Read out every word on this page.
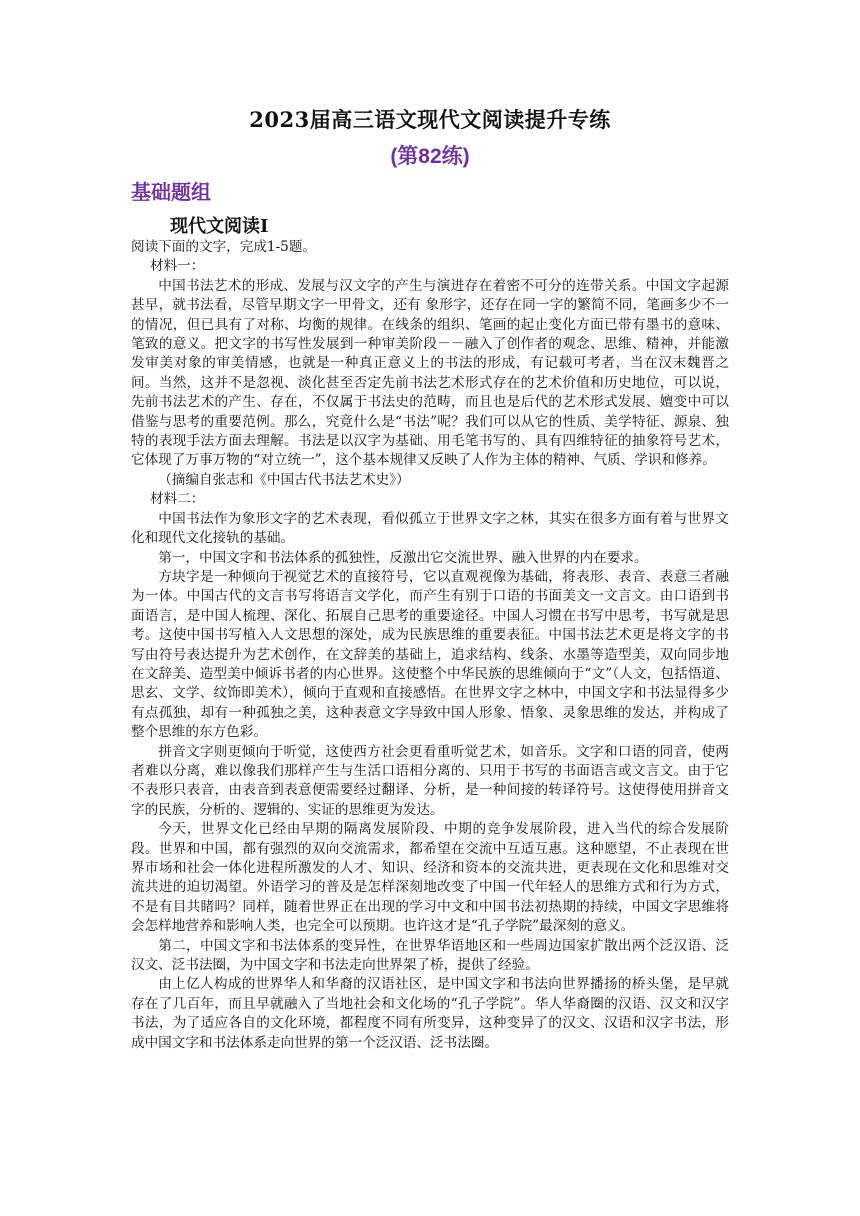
2023届高三语文现代文阅读提升专练
(第82练)
基础题组
现代文阅读Ⅰ

阅读下面的文字，完成1-5题。

材料一：

中国书法艺术的形成、发展与汉文字的产生与演进存在着密不可分的连带关系。中国文字起源甚早，就书法看，尽管早期文字一甲骨文，还有 象形字，还存在同一字的繁简不同，笔画多少不一的情况，但已具有了对称、均衡的规律。在线条的组织、笔画的起止变化方面已带有墨书的意味、笔致的意义。把文字的书写性发展到一种审美阶段－－融入了创作者的观念、思维、精神，并能激发审美对象的审美情感，也就是一种真正意义上的书法的形成，有记载可考者，当在汉末魏晋之间。当然，这并不是忽视、淡化甚至否定先前书法艺术形式存在的艺术价值和历史地位，可以说，先前书法艺术的产生、存在，不仅属于书法史的范畴，而且也是后代的艺术形式发展、嬗变中可以借鉴与思考的重要范例。那么，究竟什么是“书法”呢？我们可以从它的性质、美学特征、源泉、独特的表现手法方面去理解。书法是以汉字为基础、用毛笔书写的、具有四维特征的抽象符号艺术，它体现了万事万物的“对立统一”，这个基本规律又反映了人作为主体的精神、气质、学识和修养。

（摘编自张志和《中国古代书法艺术史》）

材料二：

中国书法作为象形文字的艺术表现，看似孤立于世界文字之林，其实在很多方面有着与世界文化和现代文化接轨的基础。

第一，中国文字和书法体系的孤独性，反激出它交流世界、融入世界的内在要求。

方块字是一种倾向于视觉艺术的直接符号，它以直观视像为基础，将表形、表音、表意三者融为一体。中国古代的文言书写将语言文学化，而产生有别于口语的书面美文一文言文。由口语到书面语言，是中国人梳理、深化、拓展自己思考的重要途径。中国人习惯在书写中思考，书写就是思考。这使中国书写植入人文思想的深处，成为民族思维的重要表征。中国书法艺术更是将文字的书写由符号表达提升为艺术创作，在文辞美的基础上，追求结构、线条、水墨等造型美，双向同步地在文辞美、造型美中倾诉书者的内心世界。这使整个中华民族的思维倾向于“文”（人文，包括悟道、思玄、文学、纹饰即美术），倾向于直观和直接感悟。在世界文字之林中，中国文字和书法显得多少有点孤独，却有一种孤独之美，这种表意文字导致中国人形象、悟象、灵象思维的发达，并构成了整个思维的东方色彩。

拼音文字则更倾向于听觉，这使西方社会更看重听觉艺术，如音乐。文字和口语的同音，使两者难以分离，难以像我们那样产生与生活口语相分离的、只用于书写的书面语言或文言文。由于它不表形只表音，由表音到表意便需要经过翻译、分析，是一种间接的转译符号。这使得使用拼音文字的民族，分析的、逻辑的、实证的思维更为发达。

今天，世界文化已经由早期的隔离发展阶段、中期的竞争发展阶段，进入当代的综合发展阶段。世界和中国，都有强烈的双向交流需求，都希望在交流中互适互惠。这种愿望，不止表现在世界市场和社会一体化进程所激发的人才、知识、经济和资本的交流共进，更表现在文化和思维对交流共进的迫切渴望。外语学习的普及是怎样深刻地改变了中国一代年轻人的思维方式和行为方式，不是有目共睹吗？同样，随着世界正在出现的学习中文和中国书法初热期的持续，中国文字思维将会怎样地营养和影响人类，也完全可以预期。也许这才是“孔子学院”最深刻的意义。

第二，中国文字和书法体系的变异性，在世界华语地区和一些周边国家扩散出两个泛汉语、泛汉文、泛书法圈，为中国文字和书法走向世界架了桥，提供了经验。

由上亿人构成的世界华人和华裔的汉语社区，是中国文字和书法向世界播扬的桥头堡，是早就存在了几百年，而且早就融入了当地社会和文化场的“孔子学院”。华人华裔圈的汉语、汉文和汉字书法，为了适应各自的文化环境，都程度不同有所变异，这种变异了的汉文、汉语和汉字书法，形成中国文字和书法体系走向世界的第一个泛汉语、泛书法圈。
